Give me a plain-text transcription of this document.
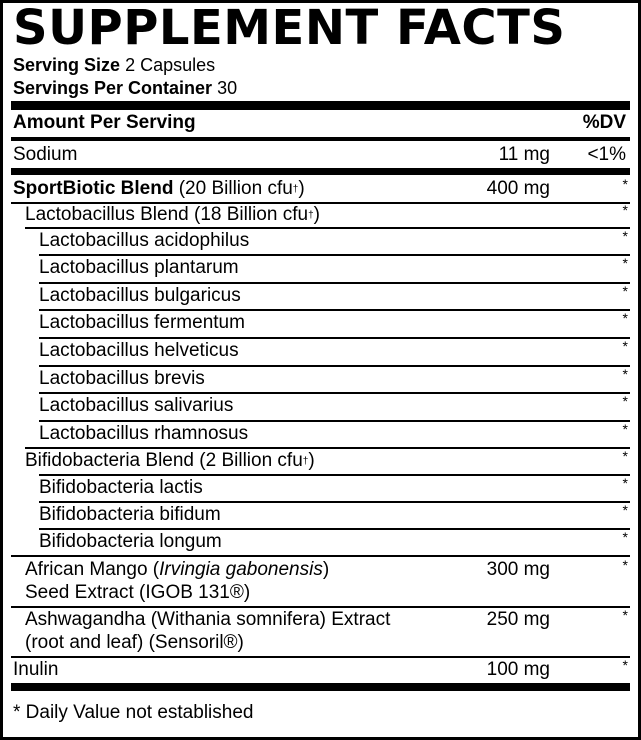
SUPPLEMENT FACTS
Serving Size 2 Capsules
Servings Per Container 30
Amount Per Serving	%DV
Sodium	11 mg <1%
SportBiotic Blend (20 Billion cfu†)	400 mg	*
Lactobacillus Blend (18 Billion cfu†)	*
Lactobacillus acidophilus	*
Lactobacillus plantarum	*
Lactobacillus bulgaricus	*
Lactobacillus fermentum	*
Lactobacillus helveticus	*
Lactobacillus brevis	*
Lactobacillus salivarius	*
Lactobacillus rhamnosus	*
Bifidobacteria Blend (2 Billion cfu†)	*
Bifidobacteria lactis	*
Bifidobacteria bifidum	*
Bifidobacteria longum	*
African Mango (Irvingia gabonensis)
Seed Extract (IGOB 131®)
300 mg	*
Ashwagandha (Withania somnifera) Extract
(root and leaf) (Sensoril®)
250 mg	*
Inulin	100 mg	*
* Daily Value not established
